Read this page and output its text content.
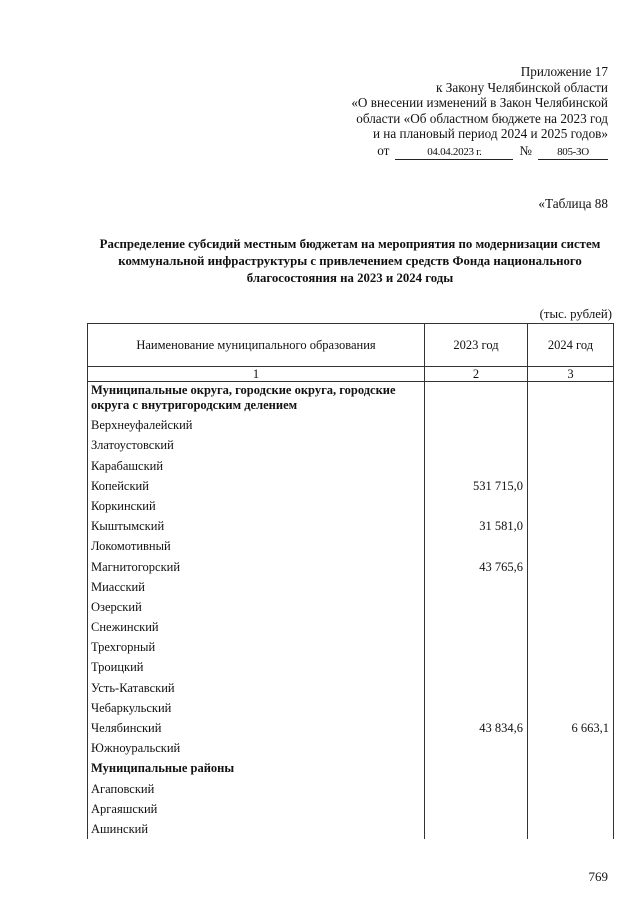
Приложение 17
к Закону Челябинской области
«О внесении изменений в Закон Челябинской
области «Об областном бюджете на 2023 год
и на плановый период 2024 и 2025 годов»
от	04.04.2023 г.	№	805-ЗО
«Таблица 88
Распределение субсидий местным бюджетам на мероприятия по модернизации систем коммунальной инфраструктуры с привлечением средств Фонда национального благосостояния на 2023 и 2024 годы
(тыс. рублей)
Наименование муниципального образования	2023 год	2024 год
1	2	3
Муниципальные округа, городские округа, городские округа с внутригородским делением		
Верхнеуфалейский		
Златоустовский		
Карабашский		
Копейский	531 715,0	
Коркинский		
Кыштымский	31 581,0	
Локомотивный		
Магнитогорский	43 765,6	
Миасский		
Озерский		
Снежинский		
Трехгорный		
Троицкий		
Усть-Катавский		
Чебаркульский		
Челябинский	43 834,6	6 663,1
Южноуральский		
Муниципальные районы		
Агаповский		
Аргаяшский		
Ашинский		
769
